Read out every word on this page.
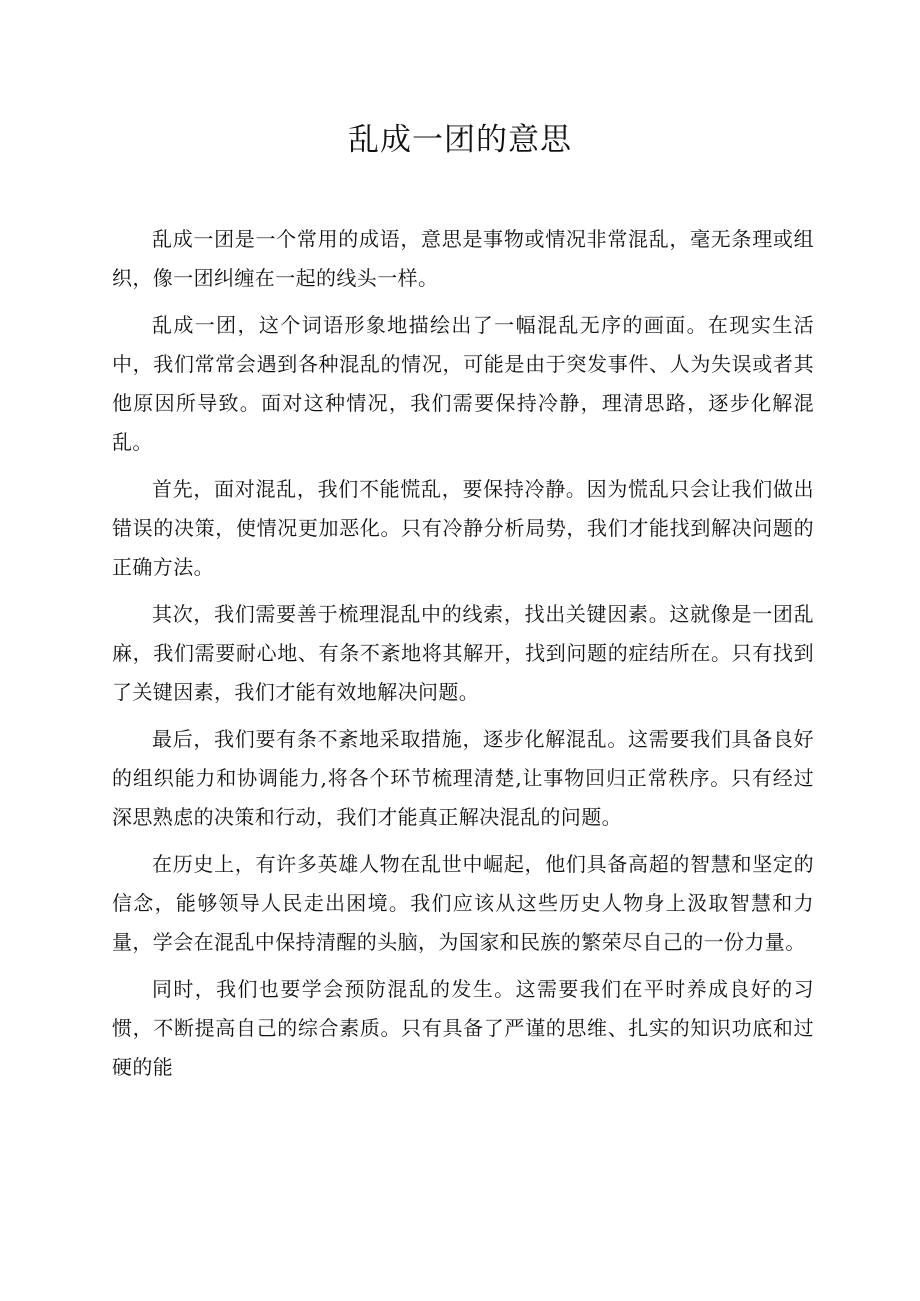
乱成一团的意思

乱成一团是一个常用的成语，意思是事物或情况非常混乱，毫无条理或组织，像一团纠缠在一起的线头一样。

乱成一团，这个词语形象地描绘出了一幅混乱无序的画面。在现实生活中，我们常常会遇到各种混乱的情况，可能是由于突发事件、人为失误或者其他原因所导致。面对这种情况，我们需要保持冷静，理清思路，逐步化解混乱。

首先，面对混乱，我们不能慌乱，要保持冷静。因为慌乱只会让我们做出错误的决策，使情况更加恶化。只有冷静分析局势，我们才能找到解决问题的正确方法。

其次，我们需要善于梳理混乱中的线索，找出关键因素。这就像是一团乱麻，我们需要耐心地、有条不紊地将其解开，找到问题的症结所在。只有找到了关键因素，我们才能有效地解决问题。

最后，我们要有条不紊地采取措施，逐步化解混乱。这需要我们具备良好的组织能力和协调能力,将各个环节梳理清楚,让事物回归正常秩序。只有经过深思熟虑的决策和行动，我们才能真正解决混乱的问题。

在历史上，有许多英雄人物在乱世中崛起，他们具备高超的智慧和坚定的信念，能够领导人民走出困境。我们应该从这些历史人物身上汲取智慧和力量，学会在混乱中保持清醒的头脑，为国家和民族的繁荣尽自己的一份力量。

同时，我们也要学会预防混乱的发生。这需要我们在平时养成良好的习惯，不断提高自己的综合素质。只有具备了严谨的思维、扎实的知识功底和过硬的能
